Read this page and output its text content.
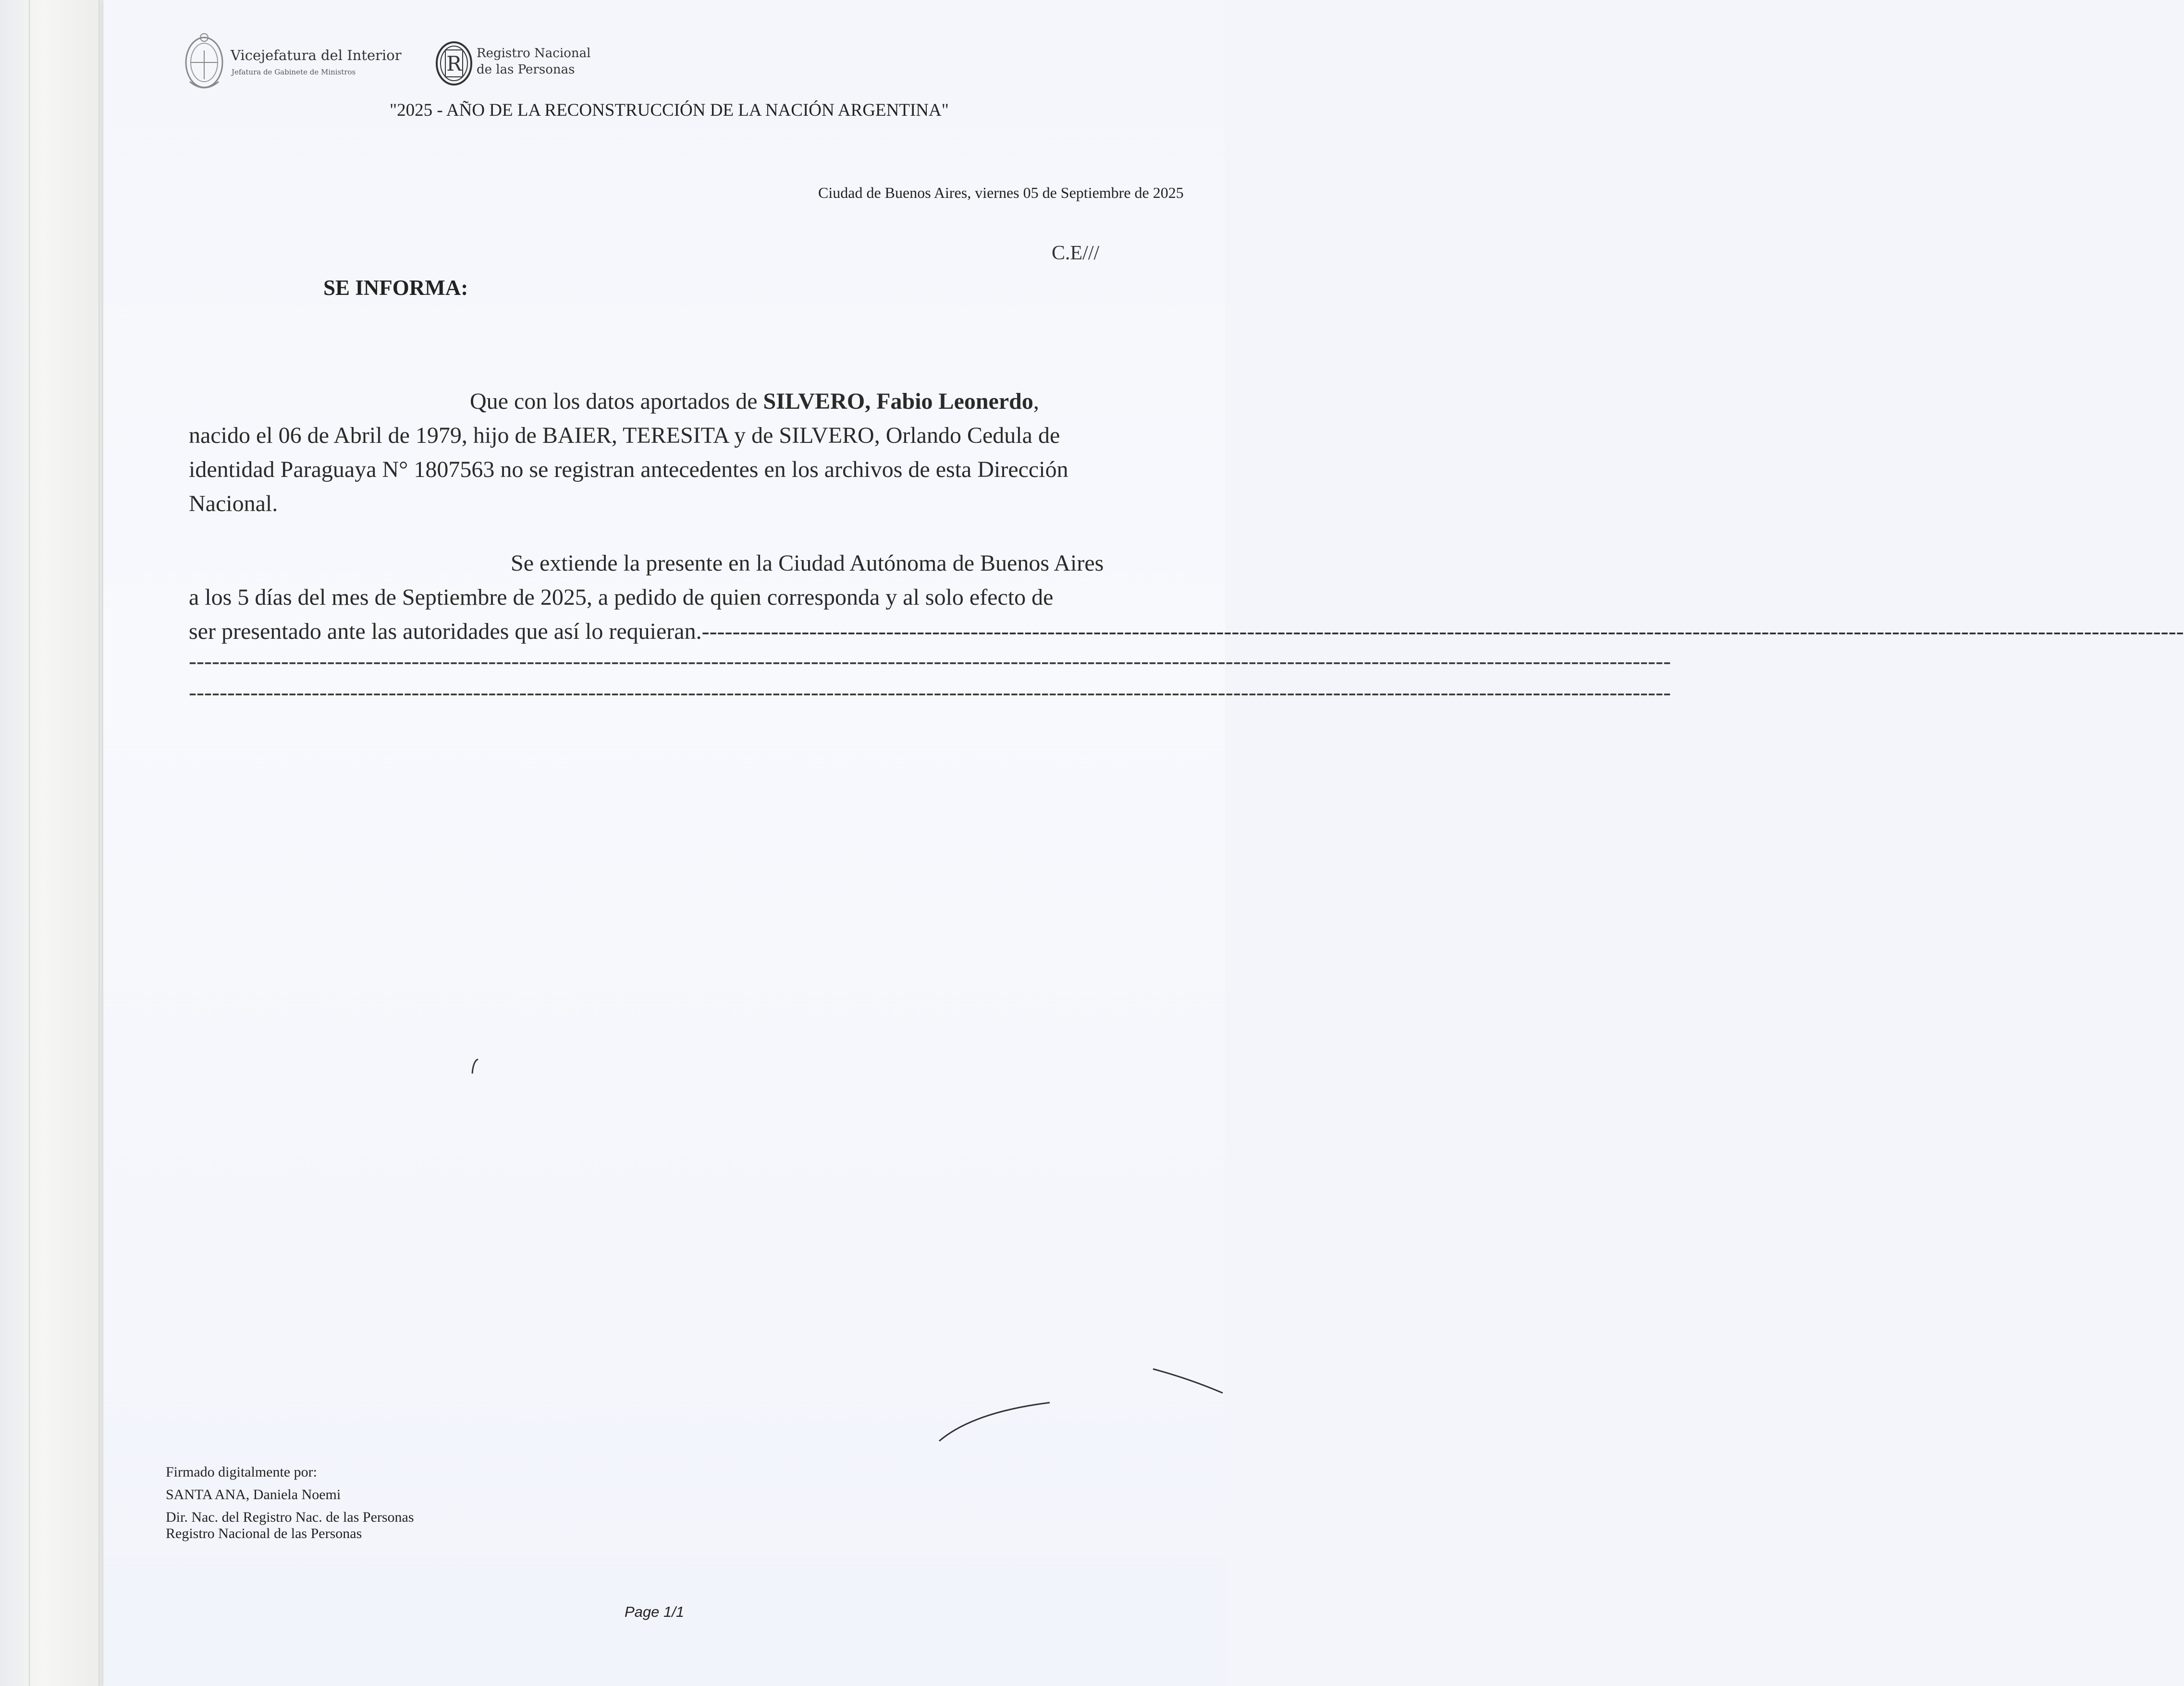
Vicejefatura del Interior
Jefatura de Gabinete de Ministros	R Registro Nacional
de las Personas
"2025 - AÑO DE LA RECONSTRUCCIÓN DE LA NACIÓN ARGENTINA"
Ciudad de Buenos Aires, viernes 05 de Septiembre de 2025
C.E///
SE INFORMA:
Que con los datos aportados de SILVERO, Fabio Leonerdo,
nacido el 06 de Abril de 1979, hijo de BAIER, TERESITA y de SILVERO, Orlando Cedula de
identidad Paraguaya N° 1807563 no se registran antecedentes en los archivos de esta Dirección
Nacional.
Se extiende la presente en la Ciudad Autónoma de Buenos Aires
a los 5 días del mes de Septiembre de 2025, a pedido de quien corresponda y al solo efecto de
ser presentado ante las autoridades que así lo requieran.-------------------------------------------------------------------------------------------------------------------------------------------------------------------------------------------------
-------------------------------------------------------------------------------------------------------------------------------------------------------------------------------------------------
-------------------------------------------------------------------------------------------------------------------------------------------------------------------------------------------------
Firmado digitalmente por:
SANTA ANA, Daniela Noemi
Dir. Nac. del Registro Nac. de las Personas
Registro Nacional de las Personas
Page 1/1
